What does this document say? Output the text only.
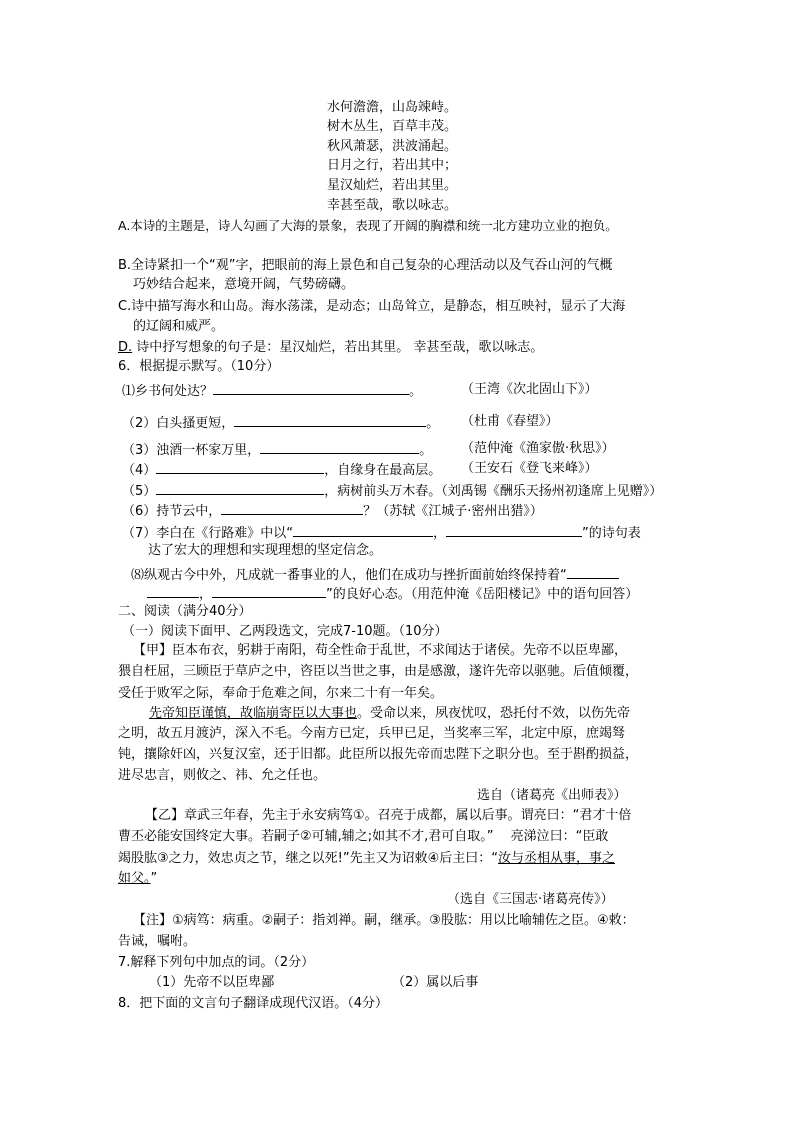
水何澹澹，山岛竦峙。
树木丛生，百草丰茂。
秋风萧瑟，洪波涌起。
日月之行，若出其中；
星汉灿烂，若出其里。
幸甚至哉，歌以咏志。
A.本诗的主题是，诗人勾画了大海的景象，表现了开阔的胸襟和统一北方建功立业的抱负。
B.全诗紧扣一个“观”字，把眼前的海上景色和自己复杂的心理活动以及气吞山河的气概
巧妙结合起来，意境开阔，气势磅礴。
C.诗中描写海水和山岛。海水荡漾，是动态；山岛耸立，是静态，相互映衬，显示了大海
的辽阔和威严。
D. 诗中抒写想象的句子是：星汉灿烂，若出其里。 幸甚至哉，歌以咏志。
6．根据提示默写。（10分）
⑴乡书何处达？	。	（王湾《次北固山下》）
（2）白头搔更短，	。 （杜甫《春望》）
（3）浊酒一杯家万里，	。 （范仲淹《渔家傲·秋思》）
（4）	，自缘身在最高层。 （王安石《登飞来峰》）
（5）	，病树前头万木春。（刘禹锡《酬乐天扬州初逢席上见赠》）
（6）持节云中，	？（苏轼《江城子·密州出猎》）
（7）李白在《行路难》中以“	，	”的诗句表
达了宏大的理想和实现理想的坚定信念。
⑻纵观古今中外，凡成就一番事业的人，他们在成功与挫折面前始终保持着“
，	”的良好心态。（用范仲淹《岳阳楼记》中的语句回答）
二、阅读（满分40分）
（一）阅读下面甲、乙两段选文，完成7-10题。（10分）
【甲】臣本布衣，躬耕于南阳，苟全性命于乱世，不求闻达于诸侯。先帝不以臣卑鄙，
猥自枉屈，三顾臣于草庐之中，咨臣以当世之事，由是感激，遂许先帝以驱驰。后值倾覆，
受任于败军之际，奉命于危难之间，尔来二十有一年矣。
先帝知臣谨慎，故临崩寄臣以大事也。受命以来，夙夜忧叹，恐托付不效，以伤先帝
之明，故五月渡泸，深入不毛。今南方已定，兵甲已足，当奖率三军，北定中原，庶竭驽
钝，攘除奸凶，兴复汉室，还于旧都。此臣所以报先帝而忠陛下之职分也。至于斟酌损益，
进尽忠言，则攸之、祎、允之任也。
选自（诸葛亮《出师表》）
【乙】章武三年春，先主于永安病笃①。召亮于成都，属以后事。谓亮曰：“君才十倍
曹丕必能安国终定大事。若嗣子②可辅,辅之;如其不才,君可自取。”　 亮涕泣曰：“臣敢
竭股肱③之力，效忠贞之节，继之以死!”先主又为诏敕④后主曰：“汝与丞相从事，事之
如父。”
（选自《三国志·诸葛亮传》）
【注】①病笃：病重。②嗣子：指刘禅。嗣，继承。③股肱：用以比喻辅佐之臣。④敕：
告诫，嘱咐。
7.解释下列句中加点的词。（2分）
（1）先帝不以臣卑鄙	（2）属以后事
8．把下面的文言句子翻译成现代汉语。（4分）
